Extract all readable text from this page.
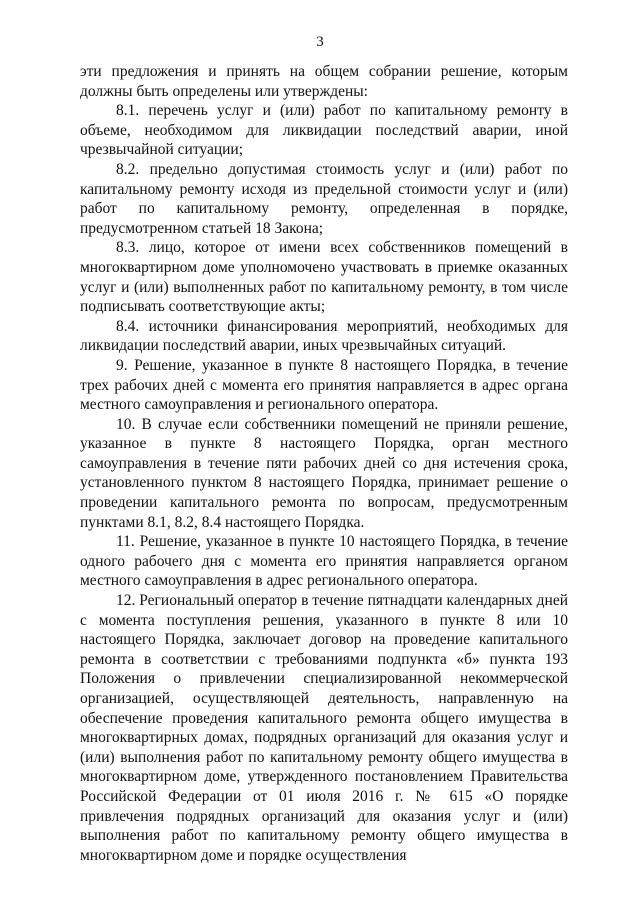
3

эти предложения и принять на общем собрании решение, которым должны быть определены или утверждены:

8.1. перечень услуг и (или) работ по капитальному ремонту в объеме, необходимом для ликвидации последствий аварии, иной чрезвычайной ситуации;

8.2. предельно допустимая стоимость услуг и (или) работ по капитальному ремонту исходя из предельной стоимости услуг и (или) работ по капитальному ремонту, определенная в порядке, предусмотренном статьей 18 Закона;

8.3. лицо, которое от имени всех собственников помещений в многоквартирном доме уполномочено участвовать в приемке оказанных услуг и (или) выполненных работ по капитальному ремонту, в том числе подписывать соответствующие акты;

8.4. источники финансирования мероприятий, необходимых для ликвидации последствий аварии, иных чрезвычайных ситуаций.

9. Решение, указанное в пункте 8 настоящего Порядка, в течение трех рабочих дней с момента его принятия направляется в адрес органа местного самоуправления и регионального оператора.

10. В случае если собственники помещений не приняли решение, указанное в пункте 8 настоящего Порядка, орган местного самоуправления в течение пяти рабочих дней со дня истечения срока, установленного пунктом 8 настоящего Порядка, принимает решение о проведении капитального ремонта по вопросам, предусмотренным пунктами 8.1, 8.2, 8.4 настоящего Порядка.

11. Решение, указанное в пункте 10 настоящего Порядка, в течение одного рабочего дня с момента его принятия направляется органом местного самоуправления в адрес регионального оператора.

12. Региональный оператор в течение пятнадцати календарных дней с момента поступления решения, указанного в пункте 8 или 10 настоящего Порядка, заключает договор на проведение капитального ремонта в соответствии с требованиями подпункта «б» пункта 193 Положения о привлечении специализированной некоммерческой организацией, осуществляющей деятельность, направленную на обеспечение проведения капитального ремонта общего имущества в многоквартирных домах, подрядных организаций для оказания услуг и (или) выполнения работ по капитальному ремонту общего имущества в многоквартирном доме, утвержденного постановлением Правительства Российской Федерации от 01 июля 2016 г. № 615 «О порядке привлечения подрядных организаций для оказания услуг и (или) выполнения работ по капитальному ремонту общего имущества в многоквартирном доме и порядке осуществления
